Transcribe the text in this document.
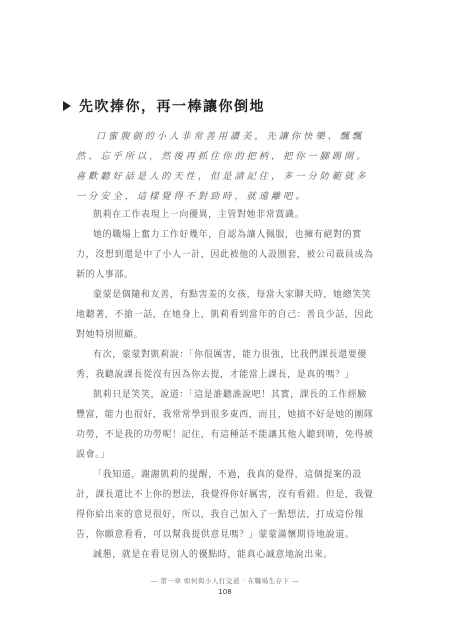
先吹捧你，再一棒讓你倒地

口蜜腹劍的小人非常善用讚美，先讓你快樂、飄飄然、忘乎所以，然後再抓住你的把柄，把你一腳踢開。喜歡聽好話是人的天性，但是請記住，多一分防範就多一分安全，這樣覺得不對勁時，就遠離吧。

凱莉在工作表現上一向優異，主管對她非常賞識。

她的職場上奮力工作好幾年，自認為讓人佩服，也擁有絕對的實力，沒想到還是中了小人一計，因此被他的人設圈套，被公司裁員成為新的人事部。

蒙蒙是個隨和友善，有點害羞的女孩，每當大家聊天時，她總笑笑地聽著，不搶一話，在她身上，凱莉看到當年的自己：善良少話，因此對她特別照顧。

有次，蒙蒙對凱莉說：「你很厲害，能力很強，比我們課長還要優秀，我聽說課長從沒有因為你去提，才能當上課長，是真的嗎？」

凱莉只是笑笑，說道：「這是誰聽誰說吧！其實，課長的工作經驗豐富，能力也很好，我常常學到很多東西，而且，她搞不好是她的團隊功勞，不是我的功勞呢！記住，有這種話不能讓其他人聽到唷，免得被誤會。」

「我知道，謝謝凱莉的提醒，不過，我真的覺得，這個提案的設計，課長還比不上你的想法，我覺得你好厲害，沒有看錯。但是，我覺得你給出來的意見很好，所以，我自己加入了一點想法，打成這份報告，你願意看看，可以幫我提供意見嗎？」蒙蒙滿懷期待地說道。

誠懇，就是在看見別人的優點時，能真心誠意地說出來。

— 第一章 如何與小人打交道 · 在職場生存下 —
108
